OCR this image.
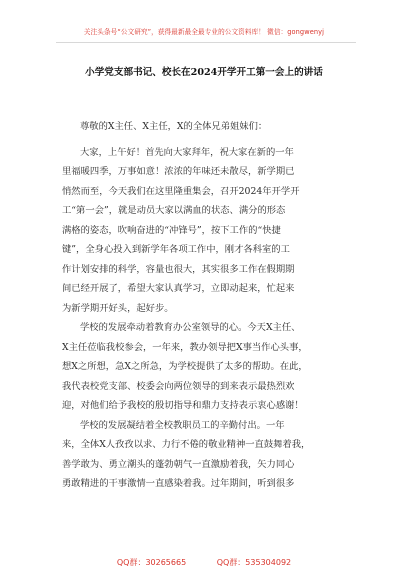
关注头条号“公文研究”，获得最新最全最专业的公文资料库！ 微信：gongwenyj
小学党支部书记、校长在2024开学开工第一会上的讲话
尊敬的X主任、X主任，X的全体兄弟姐妹们：
大家，上午好！首先向大家拜年，祝大家在新的一年
里福暖四季，万事如意！浓浓的年味还未散尽，新学期已
悄然而至，今天我们在这里隆重集会，召开2024年开学开
工“第一会”，就是动员大家以满血的状态、满分的形态
满格的姿态，吹响奋进的“冲锋号”，按下工作的“快捷
键”，全身心投入到新学年各项工作中，刚才各科室的工
作计划安排的科学，容量也很大，其实很多工作在假期期
间已经开展了，希望大家认真学习，立即动起来，忙起来
为新学期开好头，起好步。
学校的发展牵动着教育办公室领导的心。今天X主任、
X主任莅临我校参会，一年来，教办领导把X事当作心头事，
想X之所想，急X之所急，为学校提供了太多的帮助。在此，
我代表校党支部、校委会向两位领导的到来表示最热烈欢
迎，对他们给予我校的殷切指导和鼎力支持表示衷心感谢！
学校的发展凝结着全校教职员工的辛勤付出。一年
来，全体X人孜孜以求、力行不倦的敬业精神一直鼓舞着我，
善学敢为、勇立潮头的蓬勃朝气一直激励着我，矢力同心
勇敢精进的干事激情一直感染着我。过年期间，听到很多
QQ群：30265665	QQ群：535304092
